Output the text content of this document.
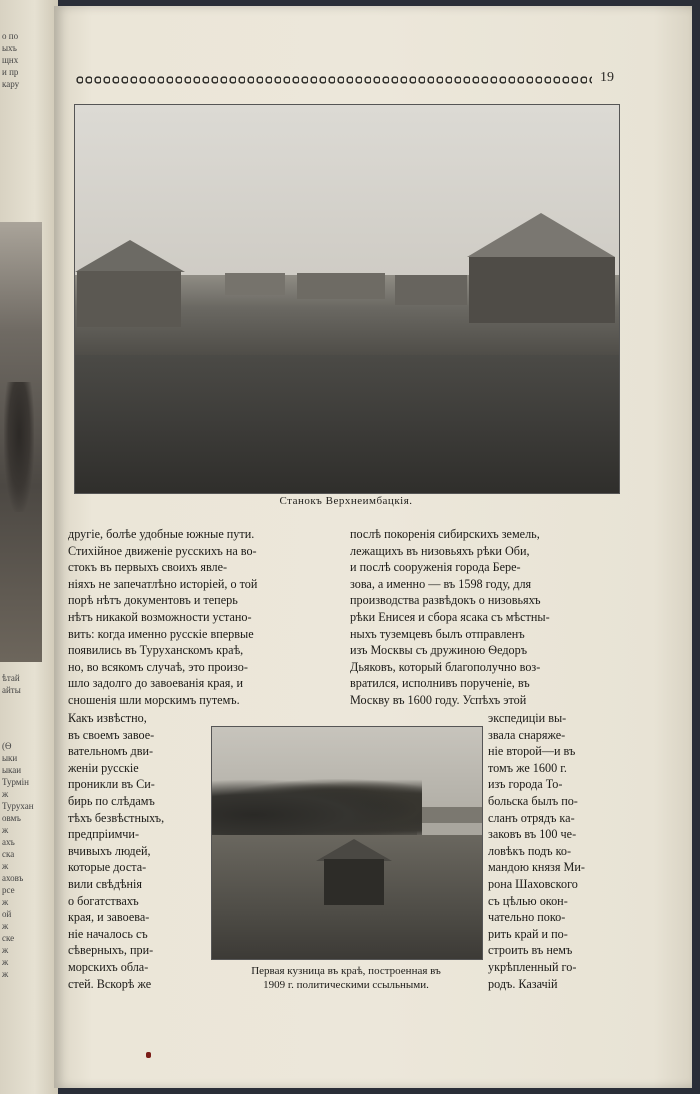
о по
ыхъ
щнх
и пр
кару
ѣтай
айты
(Ѳ
ыки
ыкаи
Турмін
ж
Турухан
овмъ
ж
ахъ
ска
ж
аховъ
рсе
ж
ой
ж
ске
ж
ж
ж
19
Станокъ Верхнеимбацкія.
другіе, болѣе удобные южные пути.
Стихійное движеніе русскихъ на во-
стокъ въ первыхъ своихъ явле-
ніяхъ не запечатлѣно исторіей, о той
порѣ нѣтъ документовъ и теперь
нѣтъ никакой возможности устано-
вить: когда именно русскіе впервые
появились въ Туруханскомъ краѣ,
но, во всякомъ случаѣ, это произо-
шло задолго до завоеванія края, и
сношенія шли морскимъ путемъ.
послѣ покоренія сибирскихъ земель,
лежащихъ въ низовьяхъ рѣки Оби,
и послѣ сооруженія города Бере-
зова, а именно — въ 1598 году, для
производства развѣдокъ о низовьяхъ
рѣки Енисея и сбора ясака съ мѣстны-
ныхъ туземцевъ былъ отправленъ
изъ Москвы съ дружиною Ѳедоръ
Дьяковъ, который благополучно воз-
вратился, исполнивъ порученіе, въ
Москву въ 1600 году. Успѣхъ этой
Какъ извѣстно,
въ своемъ завое-
вательномъ дви-
женіи русскіе
проникли въ Си-
бирь по слѣдамъ
тѣхъ безвѣстныхъ,
предпріимчи-
вчивыхъ людей,
которые доста-
вили свѣдѣнія
о богатствахъ
края, и завоева-
ніе началось съ
сѣверныхъ, при-
морскихъ обла-
стей. Вскорѣ же
Первая кузница въ краѣ, построенная въ
1909 г. политическими ссыльными.
экспедиціи вы-
звала снаряже-
ніе второй—и въ
томъ же 1600 г.
изъ города То-
больска былъ по-
сланъ отрядъ ка-
заковъ въ 100 че-
ловѣкъ подъ ко-
мандою князя Ми-
рона Шаховского
съ цѣлью окон-
чательно поко-
рить край и по-
строить въ немъ
укрѣпленный го-
родъ. Казачій
